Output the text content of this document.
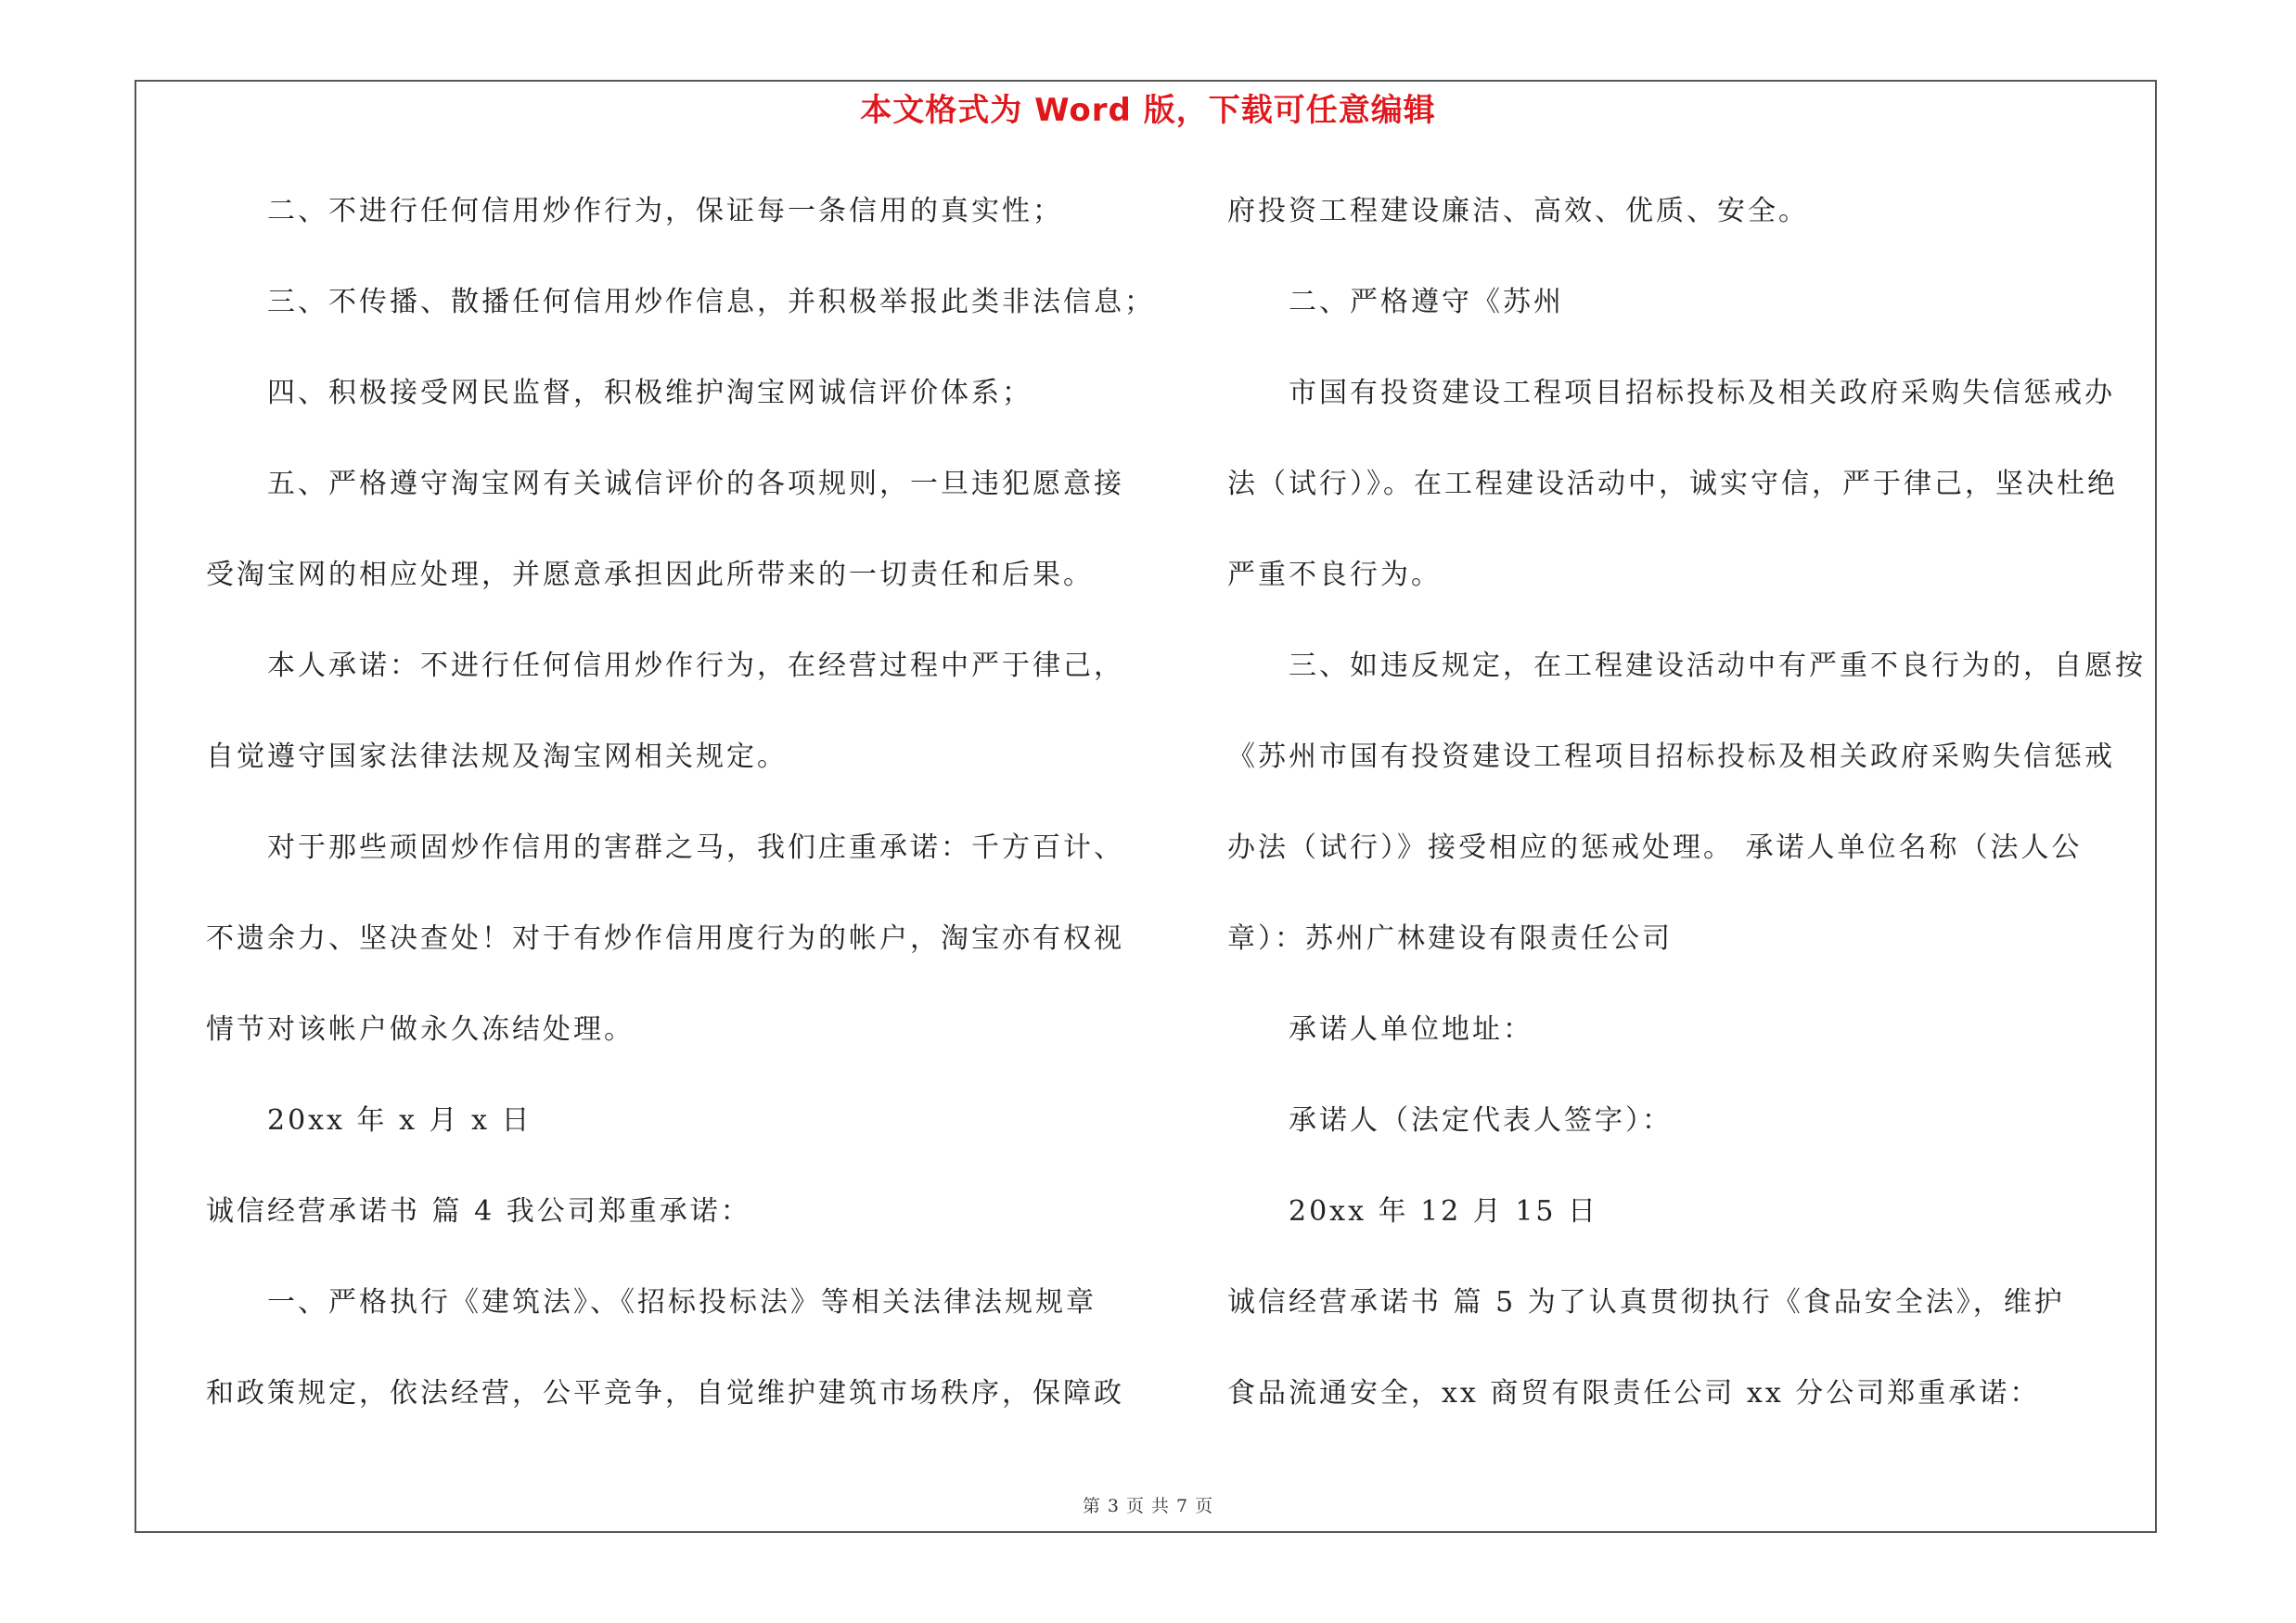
本文格式为 Word 版，下载可任意编辑
二、不进行任何信用炒作行为，保证每一条信用的真实性；
三、不传播、散播任何信用炒作信息，并积极举报此类非法信息；
四、积极接受网民监督，积极维护淘宝网诚信评价体系；
五、严格遵守淘宝网有关诚信评价的各项规则，一旦违犯愿意接
受淘宝网的相应处理，并愿意承担因此所带来的一切责任和后果。
本人承诺：不进行任何信用炒作行为，在经营过程中严于律己，
自觉遵守国家法律法规及淘宝网相关规定。
对于那些顽固炒作信用的害群之马，我们庄重承诺：千方百计、
不遗余力、坚决查处！对于有炒作信用度行为的帐户，淘宝亦有权视
情节对该帐户做永久冻结处理。
20xx 年 x 月 x 日
诚信经营承诺书 篇 4 我公司郑重承诺：
一、严格执行《建筑法》、《招标投标法》等相关法律法规规章
和政策规定，依法经营，公平竞争，自觉维护建筑市场秩序，保障政
府投资工程建设廉洁、高效、优质、安全。
二、严格遵守《苏州
市国有投资建设工程项目招标投标及相关政府采购失信惩戒办
法（试行）》。在工程建设活动中，诚实守信，严于律己，坚决杜绝
严重不良行为。
三、如违反规定，在工程建设活动中有严重不良行为的，自愿按
《苏州市国有投资建设工程项目招标投标及相关政府采购失信惩戒
办法（试行）》接受相应的惩戒处理。 承诺人单位名称（法人公
章）：苏州广林建设有限责任公司
承诺人单位地址：
承诺人（法定代表人签字）：
20xx 年 12 月 15 日
诚信经营承诺书 篇 5 为了认真贯彻执行《食品安全法》，维护
食品流通安全，xx 商贸有限责任公司 xx 分公司郑重承诺：
第 3 页 共 7 页
